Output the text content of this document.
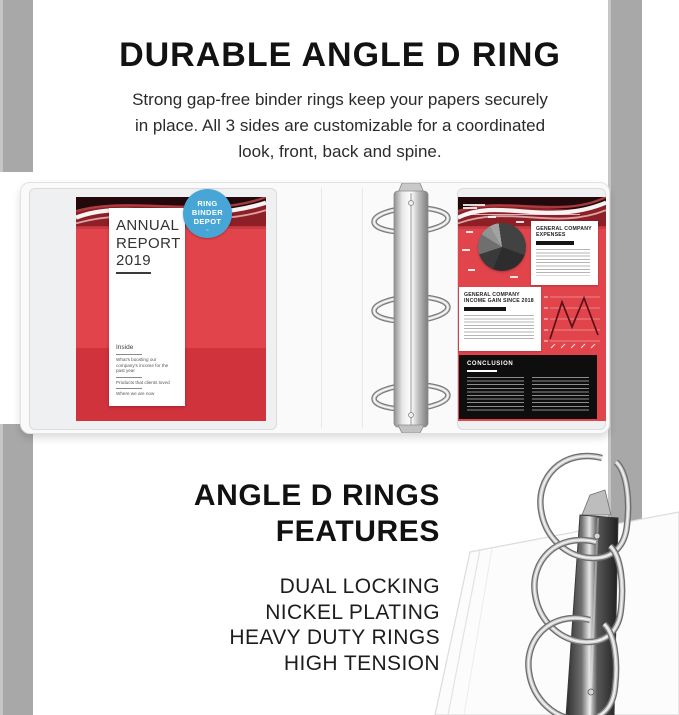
DURABLE ANGLE D RING
Strong gap-free binder rings keep your papers securely
in place. All 3 sides are customizable for a coordinated
look, front, back and spine.
ANNUAL
REPORT
2019
Inside
What's boosting our company's income for the past year
Products that clients loved
Where we are now
RING
BINDER
DEPOT
~	GENERAL COMPANY EXPENSES
GENERAL COMPANY INCOME GAIN SINCE 2018
CONCLUSION
ANGLE D RINGS
FEATURES
DUAL LOCKING
NICKEL PLATING
HEAVY DUTY RINGS
HIGH TENSION
